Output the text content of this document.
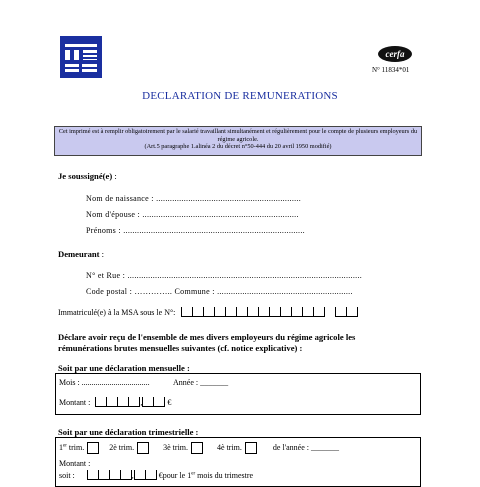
cerfa
N° 11834*01
DECLARATION DE REMUNERATIONS
Cet imprimé est à remplir obligatoirement par le salarié travaillant simultanément et régulièrement pour le compte de plusieurs employeurs du régime agricole.
(Art.5 paragraphe 1.alinéa 2 du décret n°50-444 du 20 avril 1950 modifié)
Je soussigné(e) :
Nom de naissance : ...............................................................
Nom d'épouse : ....................................................................
Prénoms : ...............................................................................
Demeurant :
N° et Rue : ......................................................................................................
Code postal : ………….. Commune : ...........................................................
Immatriculé(e) à la MSA sous le N°:

Déclare avoir reçu de l'ensemble de mes divers employeurs du régime agricole les
rémunérations brutes mensuelles suivantes (cf. notice explicative) :
Soit par une déclaration mensuelle :
Mois : ..................................	Année : _______
Montant :	,	€
Soit par une déclaration trimestrielle :
1er trim.	2è trim.	3è trim.	4è trim.	de l'année : _______
Montant :
soit :	,	€pour le 1er mois du trimestre
